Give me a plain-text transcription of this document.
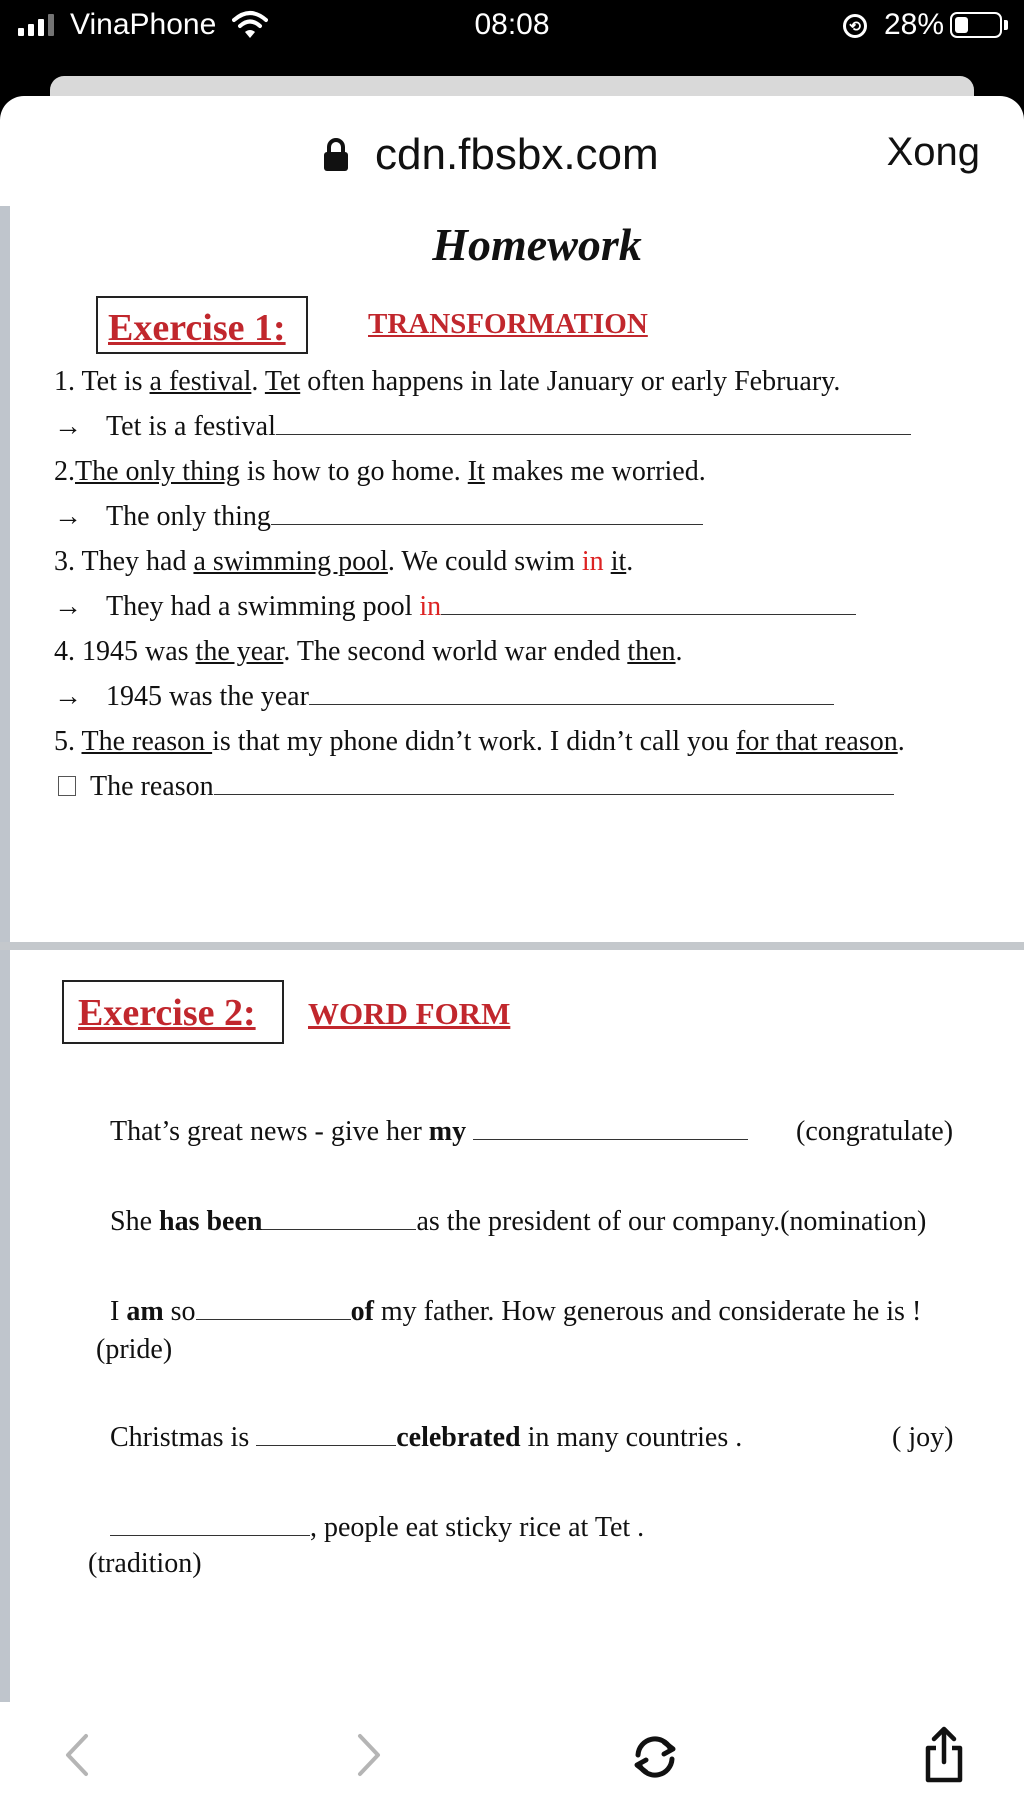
VinaPhone	08:08	⟲ 28%
cdn.fbsbx.com	Xong
Homework
Exercise 1:	TRANSFORMATION
1. Tet is a festival. Tet often happens in late January or early February.
→ Tet is a festival
2.The only thing is how to go home. It makes me worried.
→ The only thing
3. They had a swimming pool. We could swim in it.
→ They had a swimming pool in
4. 1945 was the year. The second world war ended then.
→ 1945 was the year
5. The reason is that my phone didn’t work. I didn’t call you for that reason.
The reason
Exercise 2: WORD FORM
That’s great news - give her my	(congratulate)
She has been	as the president of our company.(nomination)
I am so	of my father. How generous and considerate he is !
(pride)
Christmas is	celebrated in many countries .	( joy)
, people eat sticky rice at Tet .
(tradition)
